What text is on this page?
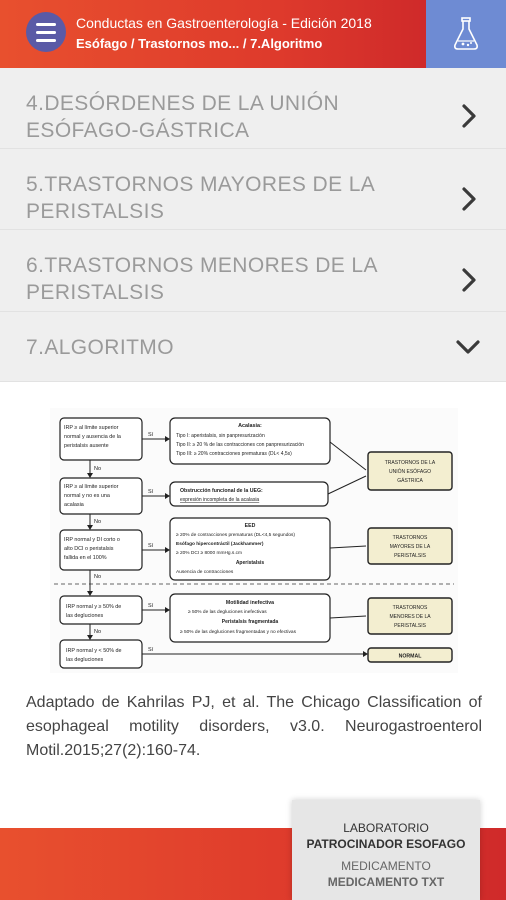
Conductas en Gastroenterología - Edición 2018
Esófago / Trastornos mo... / 7.Algoritmo
4.DESÓRDENES DE LA UNIÓN
ESÓFAGO-GÁSTRICA
5.TRASTORNOS MAYORES DE LA
PERISTALSIS
6.TRASTORNOS MENORES DE LA
PERISTALSIS
7.ALGORITMO
IRP ≥ al límite superior
normal y ausencia de la
peristalsis ausente
IRP ≥ al límite superior
normal y no es una
acalasia
IRP normal y DI corto o
alto DCI o peristalsis
fallida en el 100%
IRP normal y ≥ 50% de
las degluciones
IRP normal y < 50% de
las degluciones
No
No
No
No
Sí
Sí
Sí
Sí
Sí
Acalasia:
Tipo I: aperistalsis, sin panpresurización
Tipo II: ≥ 20 % de las contracciones con panpresurización
Tipo III: ≥ 20% contracciones prematuras (DL< 4,5s)
Obstrucción funcional de la UEG:
expresión incompleta de la acalasia
EED
≥ 20% de contracciones prematuras (DL<4,5 segundos)
Esófago hipercontráctil (Jackhammer)
≥ 20% DCI ≥ 8000 mmHg.s.cm
Aperistalsis
Ausencia de contracciones
Motilidad inefectiva
≥ 50% de las degluciones inefectivas
Peristalsis fragmentada
≥ 50% de las degluciones fragmentadas y no efectivas
TRASTORNOS DE LA
UNIÓN ESÓFAGO
GÁSTRICA
TRASTORNOS
MAYORES DE LA
PERISTALSIS
TRASTORNOS
MENORES DE LA
PERISTALSIS
NORMAL
Adaptado de Kahrilas PJ, et al. The Chicago Classification of esophageal motility disorders, v3.0. Neurogastroenterol Motil.2015;27(2):160-74.
LABORATORIO
PATROCINADOR ESOFAGO
MEDICAMENTO
MEDICAMENTO TXT
